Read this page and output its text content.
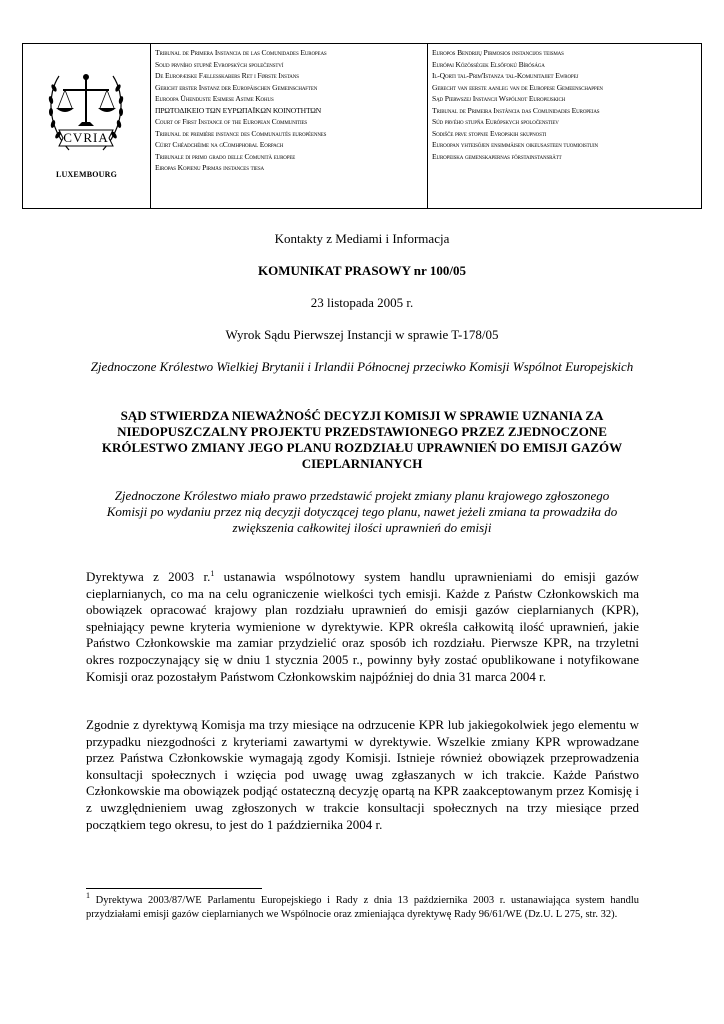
CVRIA
LUXEMBOURG
Tribunal de Primera Instancia de las Comunidades Europeas
Soud prvního stupně Evropských společenství
De Europæiske Fællesskabers Ret i Første Instans
Gericht erster Instanz der Europäischen Gemeinschaften
Euroopa Ühenduste Esimese Astme Kohus
ΠΡΩΤΟΔΙΚΕΙΟ ΤΩΝ ΕΥΡΩΠΑΪΚΩΝ ΚΟΙΝΟΤΗΤΩΝ
Court of First Instance of the European Communities
Tribunal de première instance des Communautés européennes
Cúirt Chéadchéime na gComhphobal Eorpach
Tribunale di primo grado delle Comunità europee
Eiropas Kopienu Pirmās instances tiesa
Europos Bendrijų Pirmosios instancijos teismas
Európai Közösségek Elsőfokú Bírósága
Il-Qorti tal-Prim'Istanza tal-Komunitajiet Ewropej
Gerecht van eerste aanleg van de Europese Gemeenschappen
Sąd Pierwszej Instancji Wspólnot Europejskich
Tribunal de Primeira Instância das Comunidades Europeias
Súd prvého stupňa Európskych spoločenstiev
Sodišče prve stopnje Evropskih skupnosti
Euroopan yhteisöjen ensimmäisen oikeusasteen tuomioistuin
Europeiska gemenskapernas förstainstansrätt
Kontakty z Mediami i Informacja
KOMUNIKAT PRASOWY nr 100/05
23 listopada 2005 r.
Wyrok Sądu Pierwszej Instancji w sprawie T-178/05
Zjednoczone Królestwo Wielkiej Brytanii i Irlandii Północnej przeciwko Komisji Wspólnot Europejskich
SĄD STWIERDZA NIEWAŻNOŚĆ DECYZJI KOMISJI W SPRAWIE UZNANIA ZA NIEDOPUSZCZALNY PROJEKTU PRZEDSTAWIONEGO PRZEZ ZJEDNOCZONE KRÓLESTWO ZMIANY JEGO PLANU ROZDZIAŁU UPRAWNIEŃ DO EMISJI GAZÓW CIEPLARNIANYCH
Zjednoczone Królestwo miało prawo przedstawić projekt zmiany planu krajowego zgłoszonego Komisji po wydaniu przez nią decyzji dotyczącej tego planu, nawet jeżeli zmiana ta prowadziła do zwiększenia całkowitej ilości uprawnień do emisji
Dyrektywa z 2003 r.$^1$ ustanawia wspólnotowy system handlu uprawnieniami do emisji gazów cieplarnianych, co ma na celu ograniczenie wielkości tych emisji. Każde z Państw Członkowskich ma obowiązek opracować krajowy plan rozdziału uprawnień do emisji gazów cieplarnianych (KPR), spełniający pewne kryteria wymienione w dyrektywie. KPR określa całkowitą ilość uprawnień, jakie Państwo Członkowskie ma zamiar przydzielić oraz sposób ich rozdziału. Pierwsze KPR, na trzyletni okres rozpoczynający się w dniu 1 stycznia 2005 r., powinny były zostać opublikowane i notyfikowane Komisji oraz pozostałym Państwom Członkowskim najpóźniej do dnia 31 marca 2004 r.
Zgodnie z dyrektywą Komisja ma trzy miesiące na odrzucenie KPR lub jakiegokolwiek jego elementu w przypadku niezgodności z kryteriami zawartymi w dyrektywie. Wszelkie zmiany KPR wprowadzane przez Państwa Członkowskie wymagają zgody Komisji. Istnieje również obowiązek przeprowadzenia konsultacji społecznych i wzięcia pod uwagę uwag zgłaszanych w ich trakcie. Każde Państwo Członkowskie ma obowiązek podjąć ostateczną decyzję opartą na KPR zaakceptowanym przez Komisję i z uwzględnieniem uwag zgłoszonych w trakcie konsultacji społecznych na trzy miesiące przed początkiem tego okresu, to jest do 1 października 2004 r.
$^1$ Dyrektywa 2003/87/WE Parlamentu Europejskiego i Rady z dnia 13 października 2003 r. ustanawiająca system handlu przydziałami emisji gazów cieplarnianych we Wspólnocie oraz zmieniająca dyrektywę Rady 96/61/WE (Dz.U. L 275, str. 32).
